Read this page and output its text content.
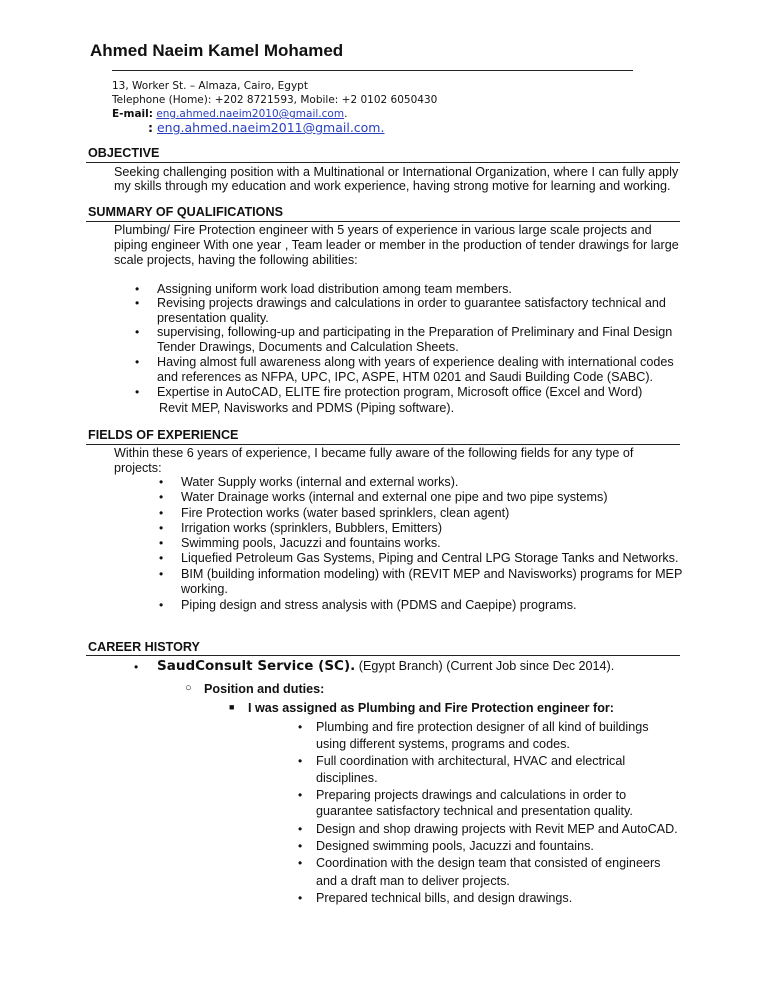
Ahmed Naeim Kamel Mohamed
13, Worker St. – Almaza, Cairo, Egypt
Telephone (Home): +202 8721593, Mobile: +2 0102 6050430
E-mail: eng.ahmed.naeim2010@gmail.com.
: eng.ahmed.naeim2011@gmail.com.
OBJECTIVE
Seeking challenging position with a Multinational or International Organization, where I can fully apply
my skills through my education and work experience, having strong motive for learning and working.
SUMMARY OF QUALIFICATIONS
Plumbing/ Fire Protection engineer with 5 years of experience in various large scale projects and
piping engineer With one year , Team leader or member in the production of tender drawings for large
scale projects, having the following abilities:
• Assigning uniform work load distribution among team members.
• Revising projects drawings and calculations in order to guarantee satisfactory technical and
presentation quality.
• supervising, following-up and participating in the Preparation of Preliminary and Final Design
Tender Drawings, Documents and Calculation Sheets.
• Having almost full awareness along with years of experience dealing with international codes
and references as NFPA, UPC, IPC, ASPE, HTM 0201 and Saudi Building Code (SABC).
• Expertise in AutoCAD, ELITE fire protection program, Microsoft office (Excel and Word)
Revit MEP, Navisworks and PDMS (Piping software).
FIELDS OF EXPERIENCE
Within these 6 years of experience, I became fully aware of the following fields for any type of
projects:
• Water Supply works (internal and external works).
• Water Drainage works (internal and external one pipe and two pipe systems)
• Fire Protection works (water based sprinklers, clean agent)
• Irrigation works (sprinklers, Bubblers, Emitters)
• Swimming pools, Jacuzzi and fountains works.
• Liquefied Petroleum Gas Systems, Piping and Central LPG Storage Tanks and Networks.
• BIM (building information modeling) with (REVIT MEP and Navisworks) programs for MEP
working.
• Piping design and stress analysis with (PDMS and Caepipe) programs.
CAREER HISTORY
• SaudConsult Service (SC). (Egypt Branch) (Current Job since Dec 2014).
○ Position and duties:
■ I was assigned as Plumbing and Fire Protection engineer for:
• Plumbing and fire protection designer of all kind of buildings
using different systems, programs and codes.
• Full coordination with architectural, HVAC and electrical
disciplines.
• Preparing projects drawings and calculations in order to
guarantee satisfactory technical and presentation quality.
• Design and shop drawing projects with Revit MEP and AutoCAD.
• Designed swimming pools, Jacuzzi and fountains.
• Coordination with the design team that consisted of engineers
and a draft man to deliver projects.
• Prepared technical bills, and design drawings.
